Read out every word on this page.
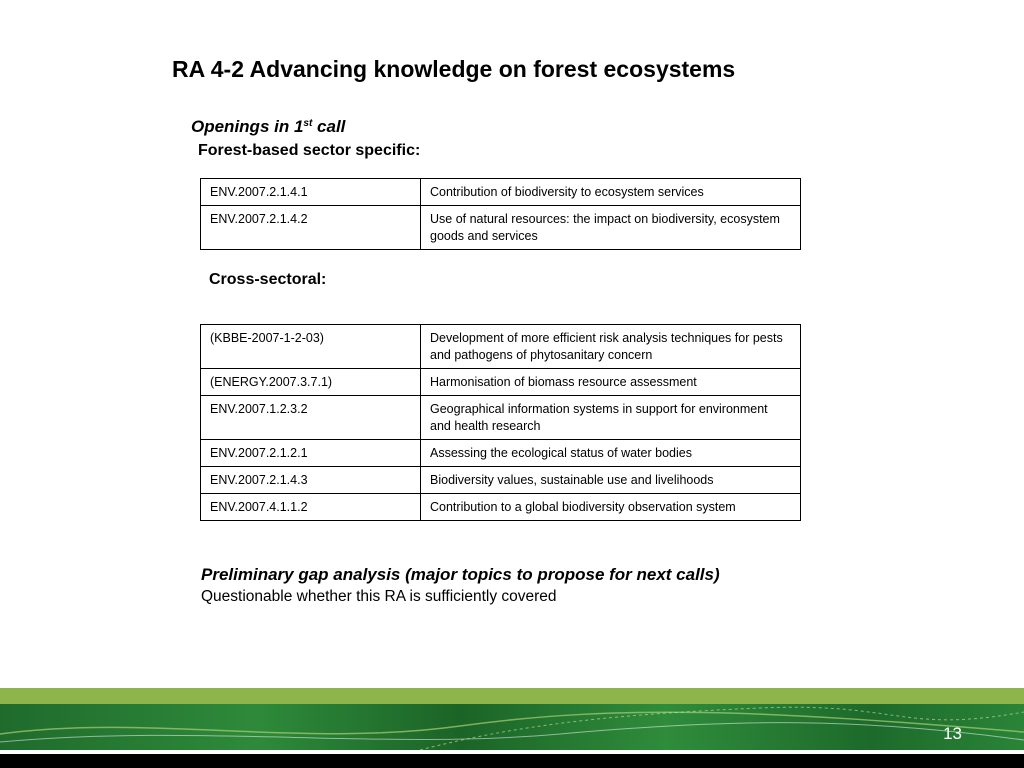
RA 4-2 Advancing knowledge on forest ecosystems
Openings in 1st call
Forest-based sector specific:
ENV.2007.2.1.4.1	Contribution of biodiversity to ecosystem services
ENV.2007.2.1.4.2	Use of natural resources: the impact on biodiversity, ecosystem goods and services
Cross-sectoral:
(KBBE-2007-1-2-03)	Development of more efficient risk analysis techniques for pests and pathogens of phytosanitary concern
(ENERGY.2007.3.7.1)	Harmonisation of biomass resource assessment
ENV.2007.1.2.3.2	Geographical information systems in support for environment and health research
ENV.2007.2.1.2.1	Assessing the ecological status of water bodies
ENV.2007.2.1.4.3	Biodiversity values, sustainable use and livelihoods
ENV.2007.4.1.1.2	Contribution to a global biodiversity observation system
Preliminary gap analysis (major topics to propose for next calls)
Questionable whether this RA is sufficiently covered
13
